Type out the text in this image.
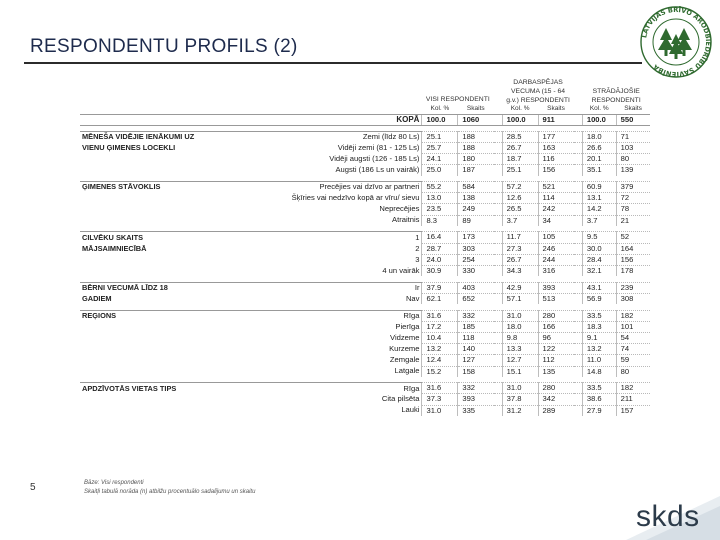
RESPONDENTU PROFILS (2)
LATVIJAS BRĪVO ARODBIEDRĪBU SAVIENĪBA

					DARBASPĒJAS VECUMA (15 - 64 g.v.) RESPONDENTI			STRĀDĀJOŠIE RESPONDENTI	

		VISI RESPONDENTI							
		Kol. %	Skaits		Kol. %	Skaits		Kol. %	Skaits
	KOPĀ	100.0	1060		100.0	911		100.0	550

MĒNEŠA VIDĒJIE IENĀKUMI UZ	Zemi (līdz 80 Ls)	25.1	188		28.5	177		18.0	71
VIENU ĢIMENES LOCEKLI	Vidēji zemi (81 - 125 Ls)	25.7	188		26.7	163		26.6	103
	Vidēji augsti (126 - 185 Ls)	24.1	180		18.7	116		20.1	80
	Augsti (186 Ls un vairāk)	25.0	187		25.1	156		35.1	139

ĢIMENES STĀVOKLIS	Precējies vai dzīvo ar partneri	55.2	584		57.2	521		60.9	379
	Šķīries vai nedzīvo kopā ar vīru/ sievu	13.0	138		12.6	114		13.1	72
	Neprecējies	23.5	249		26.5	242		14.2	78
	Atraitnis	8.3	89		3.7	34		3.7	21

CILVĒKU SKAITS	1	16.4	173		11.7	105		9.5	52
MĀJSAIMNIECĪBĀ	2	28.7	303		27.3	246		30.0	164
	3	24.0	254		26.7	244		28.4	156
	4 un vairāk	30.9	330		34.3	316		32.1	178

BĒRNI VECUMĀ LĪDZ 18	Ir	37.9	403		42.9	393		43.1	239
GADIEM	Nav	62.1	652		57.1	513		56.9	308

REĢIONS	Rīga	31.6	332		31.0	280		33.5	182
	Pierīga	17.2	185		18.0	166		18.3	101
	Vidzeme	10.4	118		9.8	96		9.1	54
	Kurzeme	13.2	140		13.3	122		13.2	74
	Zemgale	12.4	127		12.7	112		11.0	59
	Latgale	15.2	158		15.1	135		14.8	80

APDZĪVOTĀS VIETAS TIPS	Rīga	31.6	332		31.0	280		33.5	182
	Cita pilsēta	37.3	393		37.8	342		38.6	211
	Lauki	31.0	335		31.2	289		27.9	157
Bāze: Visi respondenti
Skaitļi tabulā norāda (n) atbilžu procentuālo sadalījumu un skaitu
5
skds
